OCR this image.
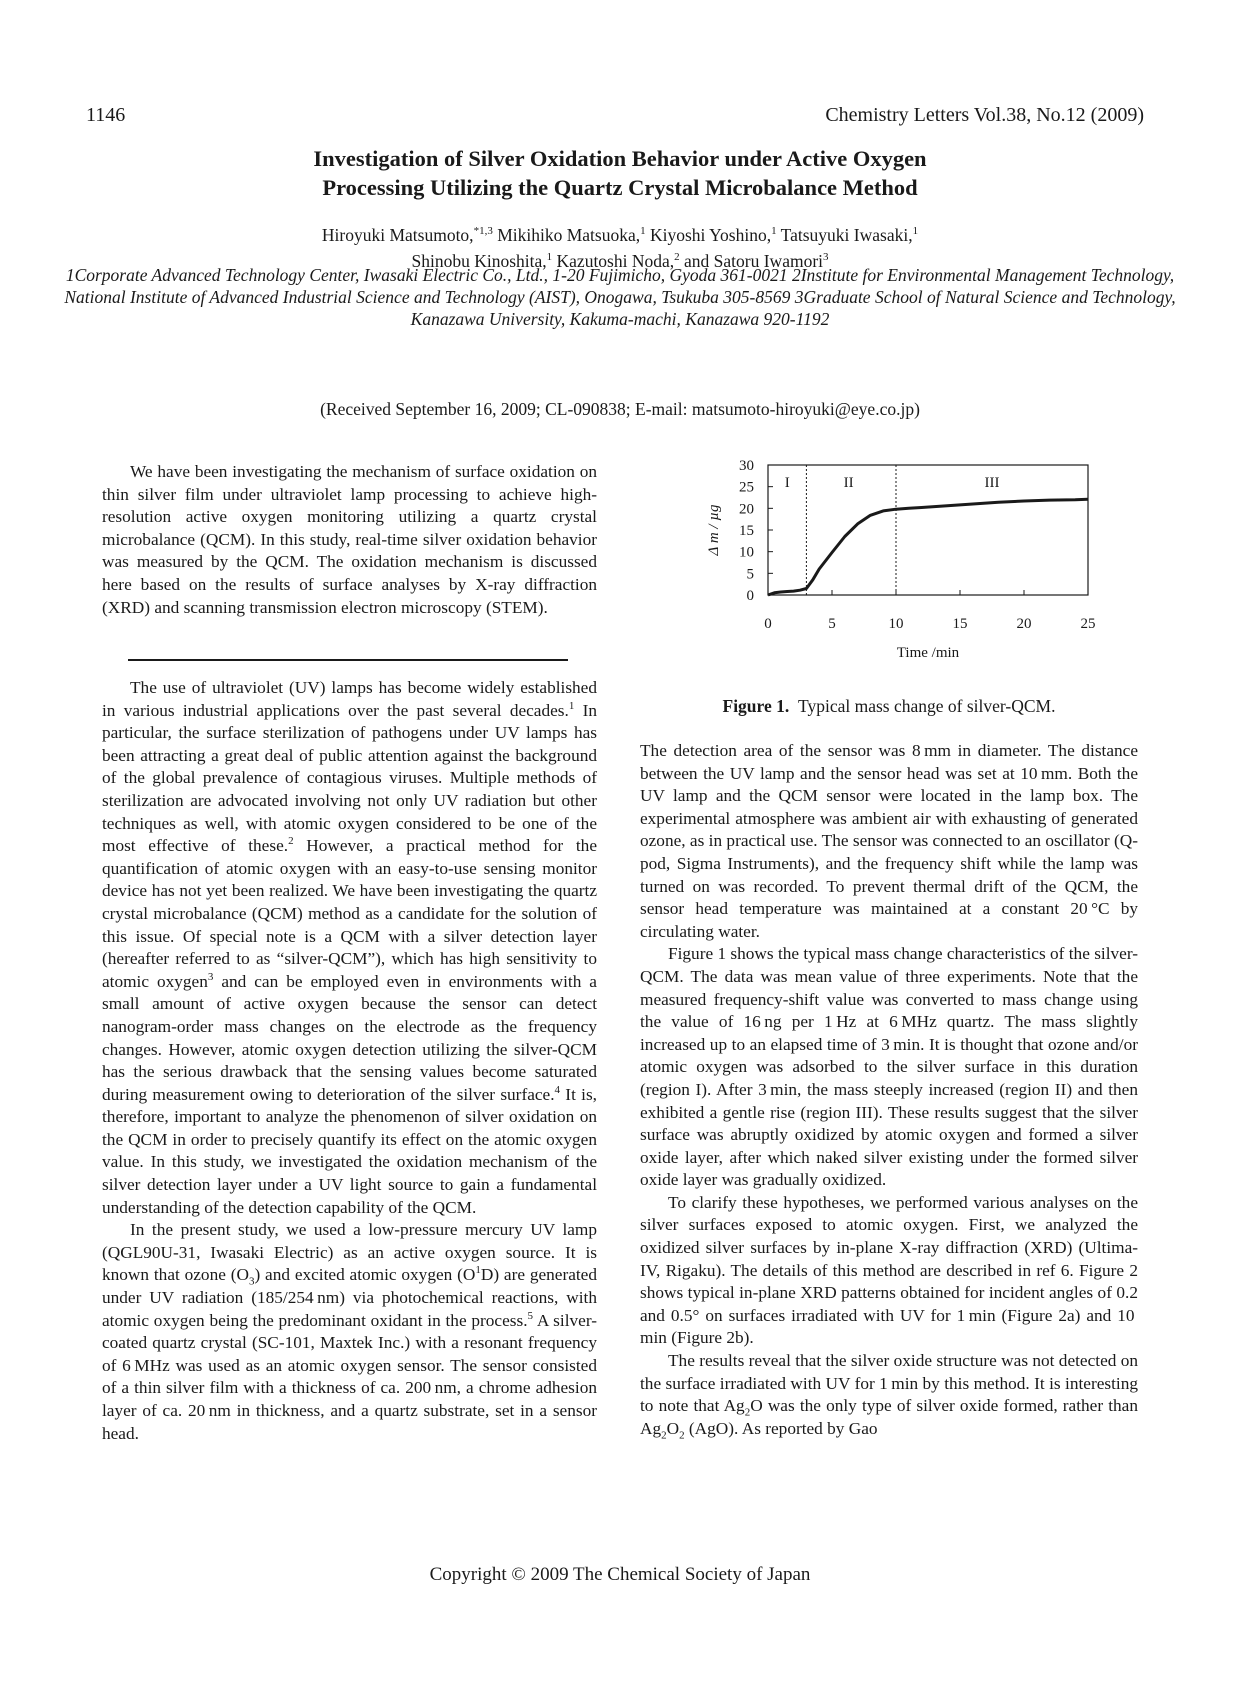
1146	Chemistry Letters Vol.38, No.12 (2009)
Investigation of Silver Oxidation Behavior under Active Oxygen
Processing Utilizing the Quartz Crystal Microbalance Method
Hiroyuki Matsumoto,$^{*1,3}$ Mikihiko Matsuoka,$^1$ Kiyoshi Yoshino,$^1$ Tatsuyuki Iwasaki,$^1$
Shinobu Kinoshita,$^1$ Kazutoshi Noda,$^2$ and Satoru Iwamori$^3$
1Corporate Advanced Technology Center, Iwasaki Electric Co., Ltd., 1-20 Fujimicho, Gyoda 361-0021 2Institute for Environmental Management Technology, National Institute of Advanced Industrial Science and Technology (AIST), Onogawa, Tsukuba 305-8569 3Graduate School of Natural Science and Technology, Kanazawa University, Kakuma-machi, Kanazawa 920-1192
(Received September 16, 2009; CL-090838; E-mail: matsumoto-hiroyuki@eye.co.jp)

We have been investigating the mechanism of surface oxidation on thin silver film under ultraviolet lamp processing to achieve high-resolution active oxygen monitoring utilizing a quartz crystal microbalance (QCM). In this study, real-time silver oxidation behavior was measured by the QCM. The oxidation mechanism is discussed here based on the results of surface analyses by X-ray diffraction (XRD) and scanning transmission electron microscopy (STEM).

The use of ultraviolet (UV) lamps has become widely established in various industrial applications over the past several decades.$^1$ In particular, the surface sterilization of pathogens under UV lamps has been attracting a great deal of public attention against the background of the global prevalence of contagious viruses. Multiple methods of sterilization are advocated involving not only UV radiation but other techniques as well, with atomic oxygen considered to be one of the most effective of these.$^2$ However, a practical method for the quantification of atomic oxygen with an easy-to-use sensing monitor device has not yet been realized. We have been investigating the quartz crystal microbalance (QCM) method as a candidate for the solution of this issue. Of special note is a QCM with a silver detection layer (hereafter referred to as “silver-QCM”), which has high sensitivity to atomic oxygen$^3$ and can be employed even in environments with a small amount of active oxygen because the sensor can detect nanogram-order mass changes on the electrode as the frequency changes. However, atomic oxygen detection utilizing the silver-QCM has the serious drawback that the sensing values become saturated during measurement owing to deterioration of the silver surface.$^4$ It is, therefore, important to analyze the phenomenon of silver oxidation on the QCM in order to precisely quantify its effect on the atomic oxygen value. In this study, we investigated the oxidation mechanism of the silver detection layer under a UV light source to gain a fundamental understanding of the detection capability of the QCM.

In the present study, we used a low-pressure mercury UV lamp (QGL90U-31, Iwasaki Electric) as an active oxygen source. It is known that ozone $(O_3)$ and excited atomic oxygen $(O^1D)$ are generated under UV radiation (185/254 nm) via photochemical reactions, with atomic oxygen being the predominant oxidant in the process.$^5$ A silver-coated quartz crystal (SC-101, Maxtek Inc.) with a resonant frequency of 6 MHz was used as an atomic oxygen sensor. The sensor consisted of a thin silver film with a thickness of ca. 200 nm, a chrome adhesion layer of ca. 20 nm in thickness, and a quartz substrate, set in a sensor head.

0
5
10
15
20
25
30
0	5	10	15	20	25
I	II	III
Time /min
Δ m / µg
Figure 1. Typical mass change of silver-QCM.

The detection area of the sensor was 8 mm in diameter. The distance between the UV lamp and the sensor head was set at 10 mm. Both the UV lamp and the QCM sensor were located in the lamp box. The experimental atmosphere was ambient air with exhausting of generated ozone, as in practical use. The sensor was connected to an oscillator (Q-pod, Sigma Instruments), and the frequency shift while the lamp was turned on was recorded. To prevent thermal drift of the QCM, the sensor head temperature was maintained at a constant 20 °C by circulating water.

Figure 1 shows the typical mass change characteristics of the silver-QCM. The data was mean value of three experiments. Note that the measured frequency-shift value was converted to mass change using the value of 16 ng per 1 Hz at 6 MHz quartz. The mass slightly increased up to an elapsed time of 3 min. It is thought that ozone and/or atomic oxygen was adsorbed to the silver surface in this duration (region I). After 3 min, the mass steeply increased (region II) and then exhibited a gentle rise (region III). These results suggest that the silver surface was abruptly oxidized by atomic oxygen and formed a silver oxide layer, after which naked silver existing under the formed silver oxide layer was gradually oxidized.

To clarify these hypotheses, we performed various analyses on the silver surfaces exposed to atomic oxygen. First, we analyzed the oxidized silver surfaces by in-plane X-ray diffraction (XRD) (Ultima-IV, Rigaku). The details of this method are described in ref 6. Figure 2 shows typical in-plane XRD patterns obtained for incident angles of 0.2 and 0.5° on surfaces irradiated with UV for 1 min (Figure 2a) and 10 min (Figure 2b).

The results reveal that the silver oxide structure was not detected on the surface irradiated with UV for 1 min by this method. It is interesting to note that $Ag_2O$ was the only type of silver oxide formed, rather than $Ag_2O_2$ (AgO). As reported by Gao

Copyright © 2009 The Chemical Society of Japan
